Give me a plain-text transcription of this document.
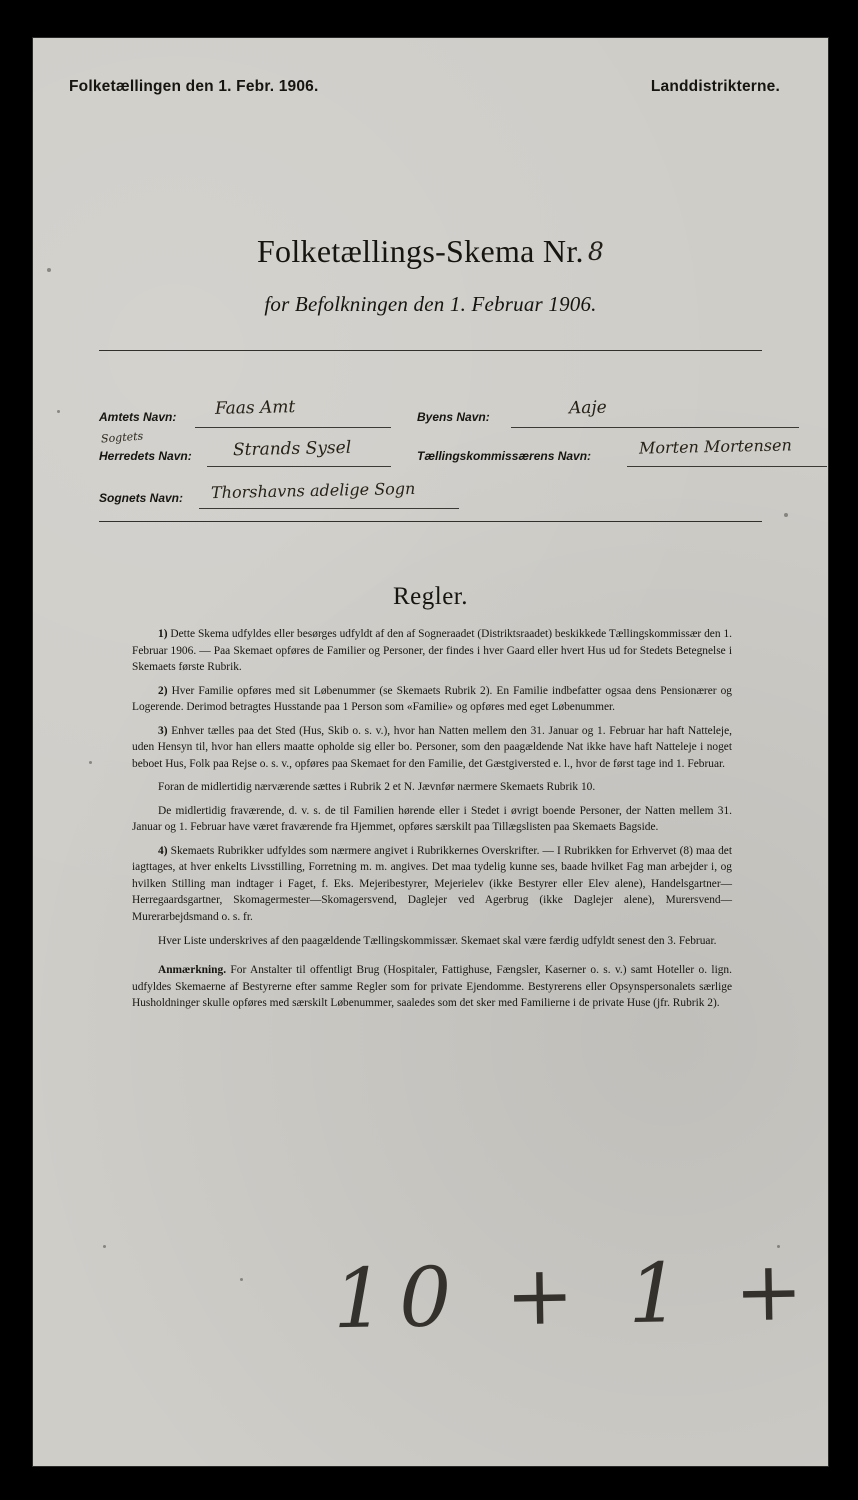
Folketællingen den 1. Febr. 1906.	Landdistrikterne.
Folketællings-Skema Nr. 8
for Befolkningen den 1. Februar 1906.
Amtets Navn: Faas Amt	Byens Navn:	Aaje
Sogtets
Herredets Navn: Strands Sysel	Tællingskommissærens Navn:	Morten Mortensen
Sognets Navn: Thorshavns adelige Sogn
Regler.

1) Dette Skema udfyldes eller besørges udfyldt af den af Sogneraadet (Distriktsraadet) beskikkede Tællingskommissær den 1. Februar 1906. — Paa Skemaet opføres de Familier og Personer, der findes i hver Gaard eller hvert Hus ud for Stedets Betegnelse i Skemaets første Rubrik.

2) Hver Familie opføres med sit Løbenummer (se Skemaets Rubrik 2). En Familie indbefatter ogsaa dens Pensionærer og Logerende. Derimod betragtes Husstande paa 1 Person som «Familie» og opføres med eget Løbenummer.

3) Enhver tælles paa det Sted (Hus, Skib o. s. v.), hvor han Natten mellem den 31. Januar og 1. Februar har haft Natteleje, uden Hensyn til, hvor han ellers maatte opholde sig eller bo. Personer, som den paagældende Nat ikke have haft Natteleje i noget beboet Hus, Folk paa Rejse o. s. v., opføres paa Skemaet for den Familie, det Gæstgiversted e. l., hvor de først tage ind 1. Februar.

Foran de midlertidig nærværende sættes i Rubrik 2 et N. Jævnfør nærmere Skemaets Rubrik 10.

De midlertidig fraværende, d. v. s. de til Familien hørende eller i Stedet i øvrigt boende Personer, der Natten mellem 31. Januar og 1. Februar have været fraværende fra Hjemmet, opføres særskilt paa Tillægslisten paa Skemaets Bagside.

4) Skemaets Rubrikker udfyldes som nærmere angivet i Rubrikkernes Overskrifter. — I Rubrikken for Erhvervet (8) maa det iagttages, at hver enkelts Livsstilling, Forretning m. m. angives. Det maa tydelig kunne ses, baade hvilket Fag man arbejder i, og hvilken Stilling man indtager i Faget, f. Eks. Mejeribestyrer, Mejerielev (ikke Bestyrer eller Elev alene), Handelsgartner—Herregaardsgartner, Skomagermester—Skomagersvend, Daglejer ved Agerbrug (ikke Daglejer alene), Murersvend—Murerarbejdsmand o. s. fr.

Hver Liste underskrives af den paagældende Tællingskommissær. Skemaet skal være færdig udfyldt senest den 3. Februar.

Anmærkning. For Anstalter til offentligt Brug (Hospitaler, Fattighuse, Fængsler, Kaserner o. s. v.) samt Hoteller o. lign. udfyldes Skemaerne af Bestyrerne efter samme Regler som for private Ejendomme. Bestyrerens eller Opsynspersonalets særlige Husholdninger skulle opføres med særskilt Løbenummer, saaledes som det sker med Familierne i de private Huse (jfr. Rubrik 2).

10 + 1 +
